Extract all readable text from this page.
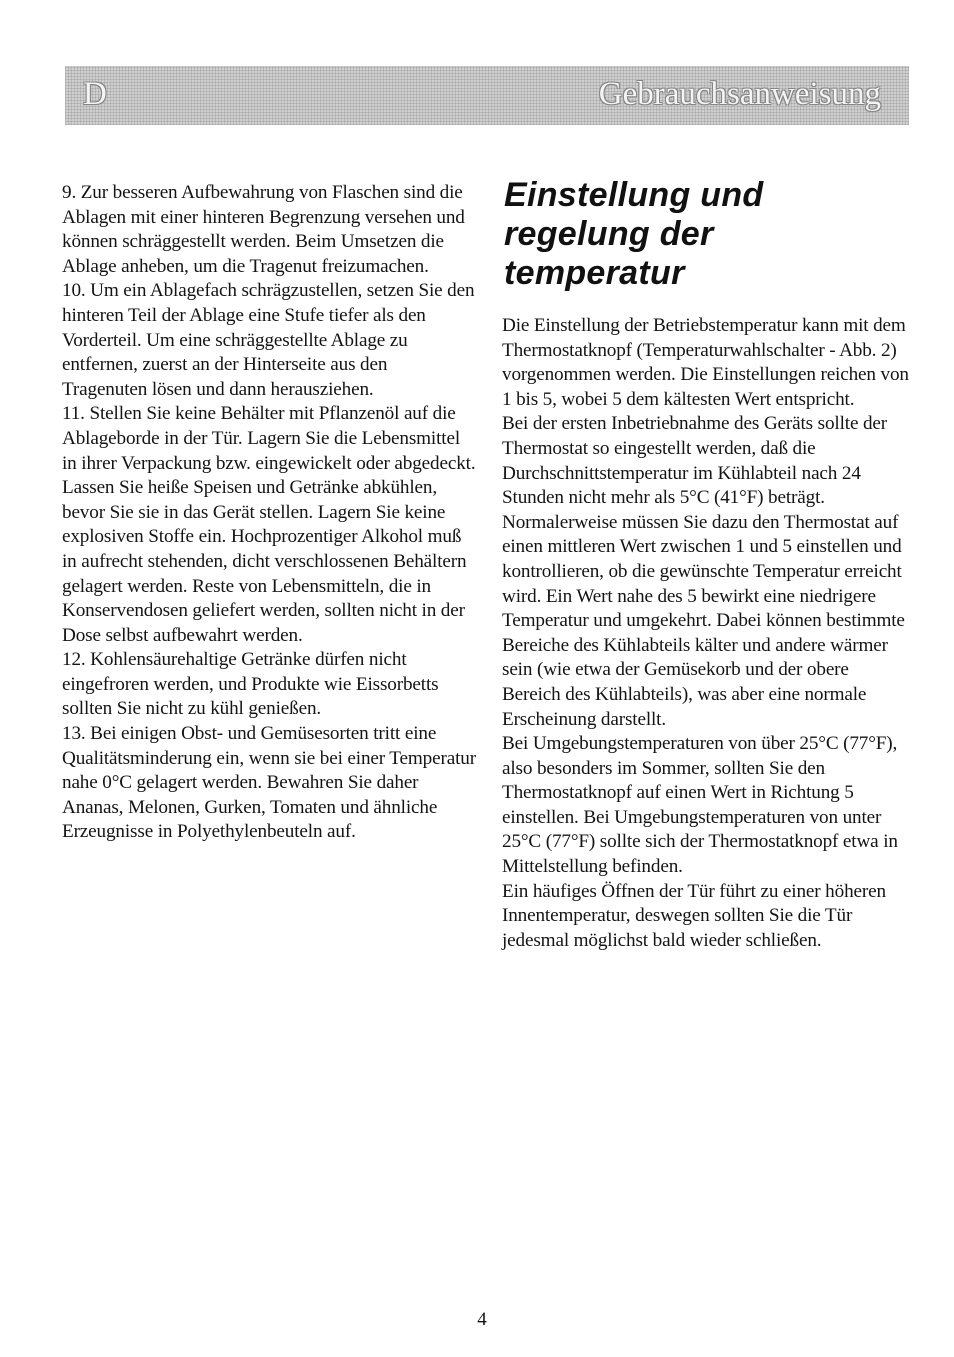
D	Gebrauchsanweisung

9. Zur besseren Aufbewahrung von Flaschen sind die Ablagen mit einer hinteren Begrenzung versehen und können schräggestellt werden. Beim Umsetzen die Ablage anheben, um die Tragenut freizumachen.

10. Um ein Ablagefach schrägzustellen, setzen Sie den hinteren Teil der Ablage eine Stufe tiefer als den Vorderteil. Um eine schräggestellte Ablage zu entfernen, zuerst an der Hinterseite aus den Tragenuten lösen und dann herausziehen.

11. Stellen Sie keine Behälter mit Pflanzenöl auf die Ablageborde in der Tür. Lagern Sie die Lebensmittel in ihrer Verpackung bzw. eingewickelt oder abgedeckt. Lassen Sie heiße Speisen und Getränke abkühlen, bevor Sie sie in das Gerät stellen. Lagern Sie keine explosiven Stoffe ein. Hochprozentiger Alkohol muß in aufrecht stehenden, dicht verschlossenen Behältern gelagert werden. Reste von Lebensmitteln, die in Konservendosen geliefert werden, sollten nicht in der Dose selbst aufbewahrt werden.

12. Kohlensäurehaltige Getränke dürfen nicht eingefroren werden, und Produkte wie Eissorbetts sollten Sie nicht zu kühl genießen.

13. Bei einigen Obst- und Gemüsesorten tritt eine Qualitätsminderung ein, wenn sie bei einer Temperatur nahe 0°C gelagert werden. Bewahren Sie daher Ananas, Melonen, Gurken, Tomaten und ähnliche Erzeugnisse in Polyethylenbeuteln auf.

Einstellung und
regelung der
temperatur

Die Einstellung der Betriebstemperatur kann mit dem Thermostatknopf (Temperaturwahlschalter - Abb. 2) vorgenommen werden. Die Einstellungen reichen von 1 bis 5, wobei 5 dem kältesten Wert entspricht.

Bei der ersten Inbetriebnahme des Geräts sollte der Thermostat so eingestellt werden, daß die Durchschnittstemperatur im Kühlabteil nach 24 Stunden nicht mehr als 5°C (41°F) beträgt. Normalerweise müssen Sie dazu den Thermostat auf einen mittleren Wert zwischen 1 und 5 einstellen und kontrollieren, ob die gewünschte Temperatur erreicht wird. Ein Wert nahe des 5 bewirkt eine niedrigere Temperatur und umgekehrt. Dabei können bestimmte Bereiche des Kühlabteils kälter und andere wärmer sein (wie etwa der Gemüsekorb und der obere Bereich des Kühlabteils), was aber eine normale Erscheinung darstellt.

Bei Umgebungstemperaturen von über 25°C (77°F), also besonders im Sommer, sollten Sie den Thermostatknopf auf einen Wert in Richtung 5 einstellen. Bei Umgebungstemperaturen von unter 25°C (77°F) sollte sich der Thermostatknopf etwa in Mittelstellung befinden.

Ein häufiges Öffnen der Tür führt zu einer höheren Innentemperatur, deswegen sollten Sie die Tür jedesmal möglichst bald wieder schließen.

4
